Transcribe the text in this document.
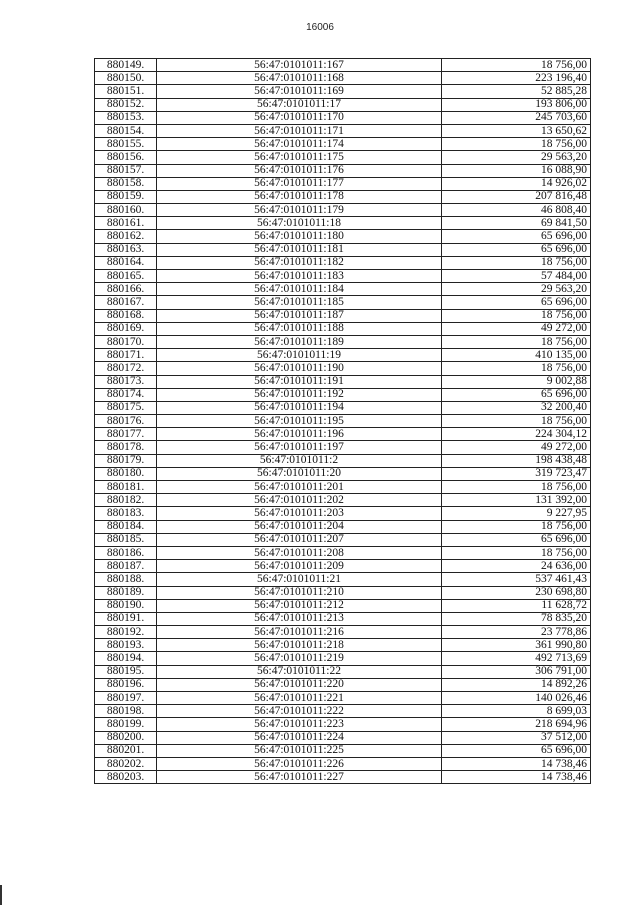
16006
880149.	56:47:0101011:167	18 756,00
880150.	56:47:0101011:168	223 196,40
880151.	56:47:0101011:169	52 885,28
880152.	56:47:0101011:17	193 806,00
880153.	56:47:0101011:170	245 703,60
880154.	56:47:0101011:171	13 650,62
880155.	56:47:0101011:174	18 756,00
880156.	56:47:0101011:175	29 563,20
880157.	56:47:0101011:176	16 088,90
880158.	56:47:0101011:177	14 926,02
880159.	56:47:0101011:178	207 816,48
880160.	56:47:0101011:179	46 808,40
880161.	56:47:0101011:18	69 841,50
880162.	56:47:0101011:180	65 696,00
880163.	56:47:0101011:181	65 696,00
880164.	56:47:0101011:182	18 756,00
880165.	56:47:0101011:183	57 484,00
880166.	56:47:0101011:184	29 563,20
880167.	56:47:0101011:185	65 696,00
880168.	56:47:0101011:187	18 756,00
880169.	56:47:0101011:188	49 272,00
880170.	56:47:0101011:189	18 756,00
880171.	56:47:0101011:19	410 135,00
880172.	56:47:0101011:190	18 756,00
880173.	56:47:0101011:191	9 002,88
880174.	56:47:0101011:192	65 696,00
880175.	56:47:0101011:194	32 200,40
880176.	56:47:0101011:195	18 756,00
880177.	56:47:0101011:196	224 304,12
880178.	56:47:0101011:197	49 272,00
880179.	56:47:0101011:2	198 438,48
880180.	56:47:0101011:20	319 723,47
880181.	56:47:0101011:201	18 756,00
880182.	56:47:0101011:202	131 392,00
880183.	56:47:0101011:203	9 227,95
880184.	56:47:0101011:204	18 756,00
880185.	56:47:0101011:207	65 696,00
880186.	56:47:0101011:208	18 756,00
880187.	56:47:0101011:209	24 636,00
880188.	56:47:0101011:21	537 461,43
880189.	56:47:0101011:210	230 698,80
880190.	56:47:0101011:212	11 628,72
880191.	56:47:0101011:213	78 835,20
880192.	56:47:0101011:216	23 778,86
880193.	56:47:0101011:218	361 990,80
880194.	56:47:0101011:219	492 713,69
880195.	56:47:0101011:22	306 791,00
880196.	56:47:0101011:220	14 892,26
880197.	56:47:0101011:221	140 026,46
880198.	56:47:0101011:222	8 699,03
880199.	56:47:0101011:223	218 694,96
880200.	56:47:0101011:224	37 512,00
880201.	56:47:0101011:225	65 696,00
880202.	56:47:0101011:226	14 738,46
880203.	56:47:0101011:227	14 738,46
